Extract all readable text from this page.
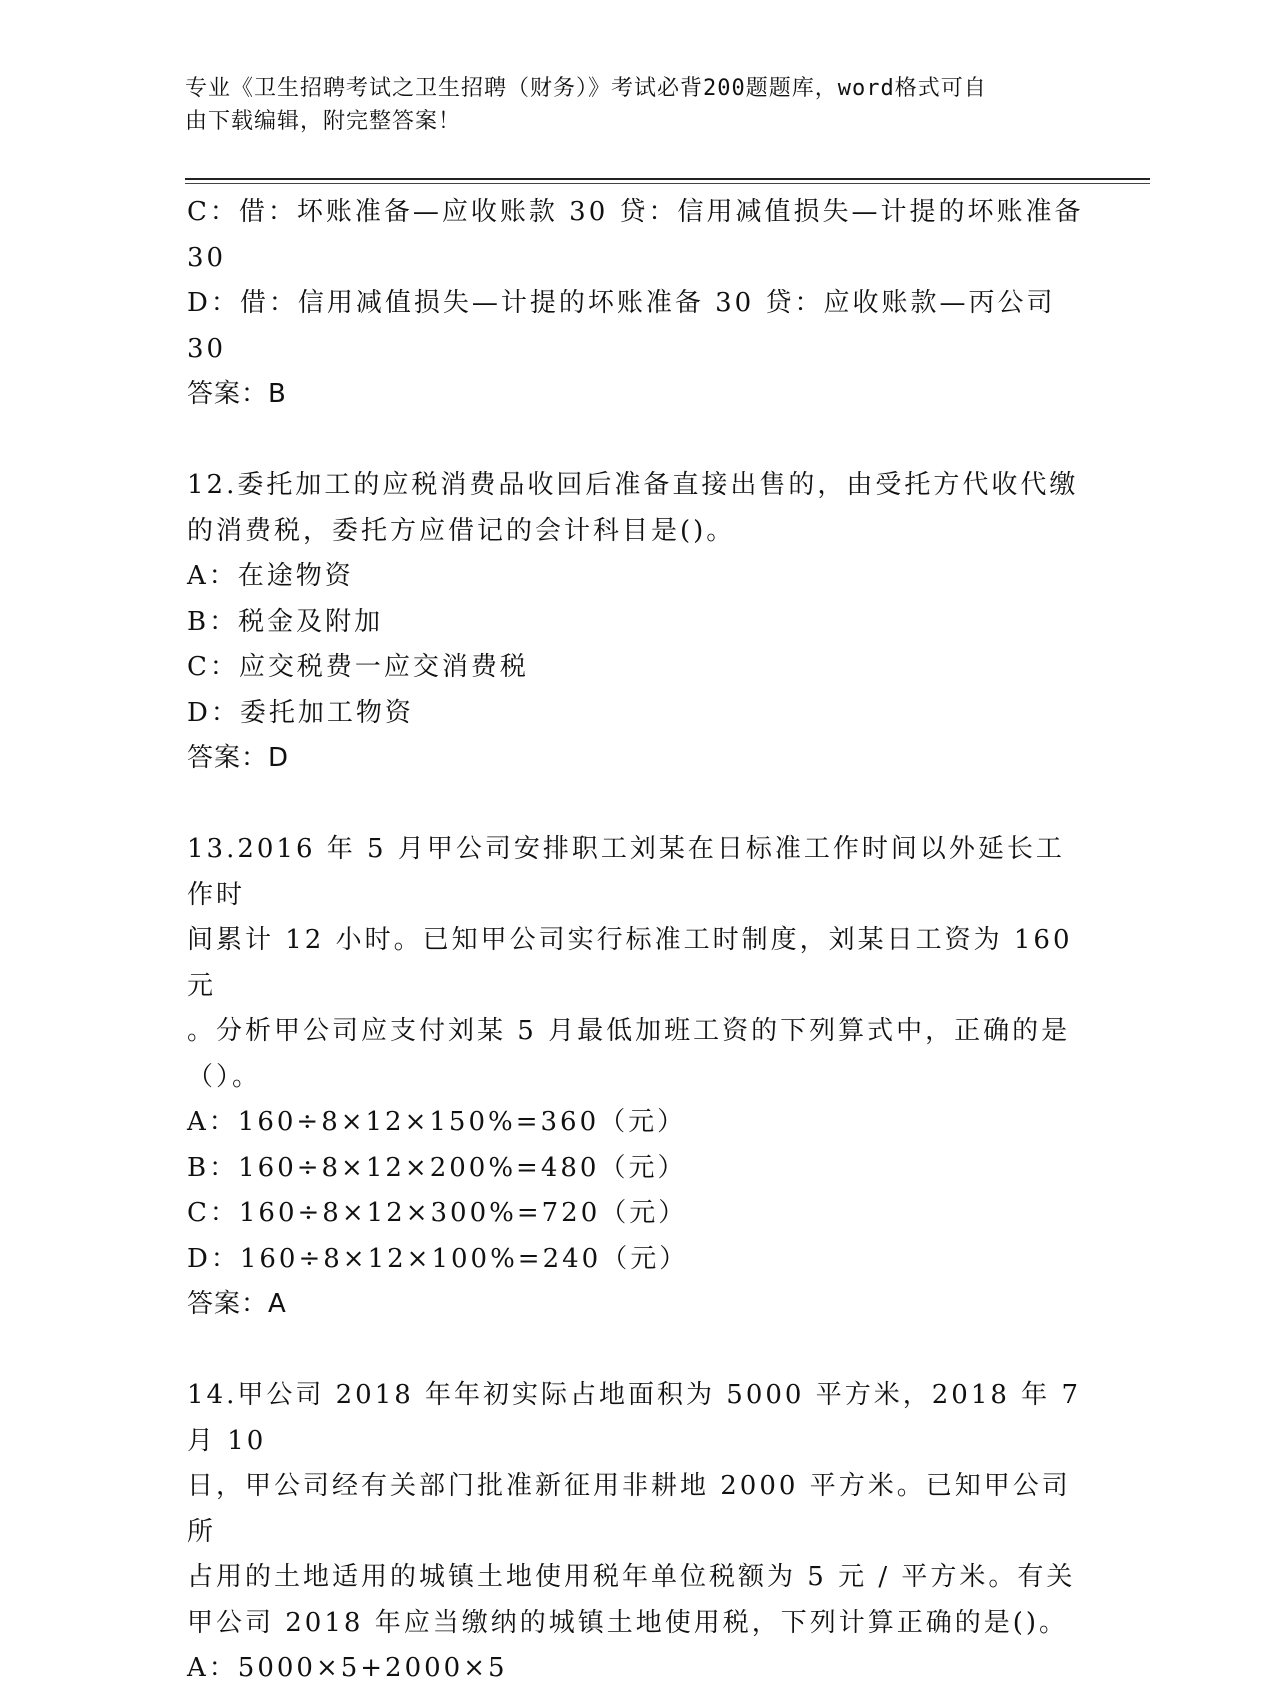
专业《卫生招聘考试之卫生招聘（财务）》考试必背200题题库，word格式可自
由下载编辑，附完整答案！
C：借：坏账准备—应收账款 30 贷：信用减值损失—计提的坏账准备
30
D：借：信用减值损失—计提的坏账准备 30 贷：应收账款—丙公司 30
答案：B
12.委托加工的应税消费品收回后准备直接出售的，由受托方代收代缴
的消费税，委托方应借记的会计科目是()。
A：在途物资
B：税金及附加
C：应交税费一应交消费税
D：委托加工物资
答案：D
13.2016 年 5 月甲公司安排职工刘某在日标准工作时间以外延长工作时
间累计 12 小时。已知甲公司实行标准工时制度，刘某日工资为 160 元
。分析甲公司应支付刘某 5 月最低加班工资的下列算式中，正确的是
（）。
A：160÷8×12×150%=360（元）
B：160÷8×12×200%=480（元）
C：160÷8×12×300%=720（元）
D：160÷8×12×100%=240（元）
答案：A
14.甲公司 2018 年年初实际占地面积为 5000 平方米，2018 年 7 月 10
日，甲公司经有关部门批准新征用非耕地 2000 平方米。已知甲公司所
占用的土地适用的城镇土地使用税年单位税额为 5 元 / 平方米。有关
甲公司 2018 年应当缴纳的城镇土地使用税，下列计算正确的是()。
A：5000×5+2000×5
